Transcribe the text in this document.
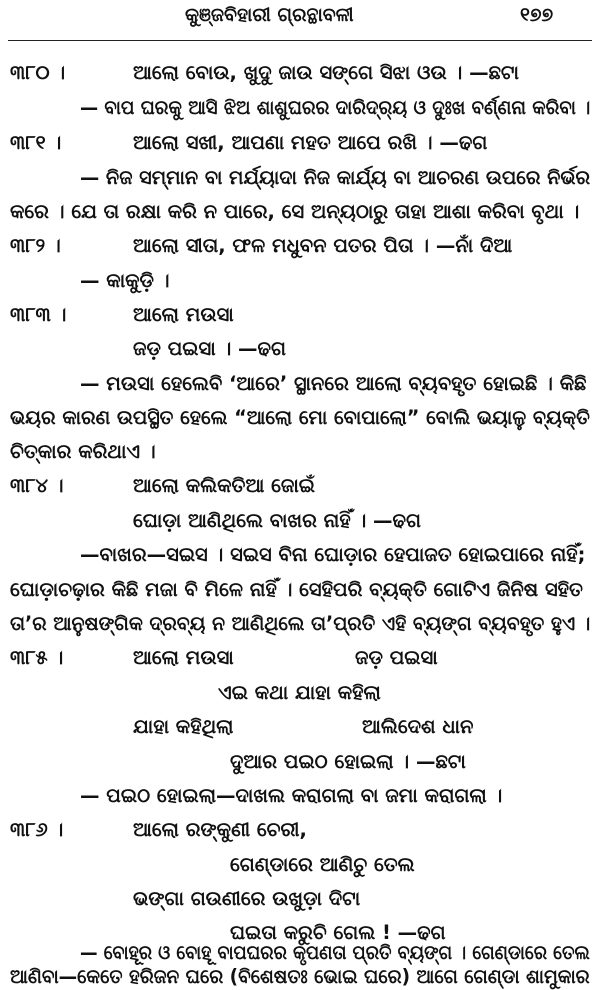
କୁଞ୍ଜବିହାରୀ ଗ୍ରନ୍ଥାବଳୀ	୧୭୭
୩୮୦ ।	ଆଲୋ ବୋଉ, ଖୁଦୁ ଜାଉ ସଙ୍ଗେ ସିଝା ଓଉ । —ଛଟା
— ବାପ ଘରକୁ ଆସି ଝିଅ ଶାଶୁଘରର ଦାରିଦ୍ର୍ୟ ଓ ଦୁଃଖ ବର୍ଣ୍ଣନା କରିବା ।
୩୮୧ ।	ଆଲୋ ସଖୀ, ଆପଣା ମହତ ଆପେ ରଖି । —ଢଗ
— ନିଜ ସମ୍ମାନ ବା ମର୍ଯ୍ୟାଦା ନିଜ କାର୍ଯ୍ୟ ବା ଆଚରଣ ଉପରେ ନିର୍ଭର
କରେ । ଯେ ତା ରକ୍ଷା କରି ନ ପାରେ, ସେ ଅନ୍ୟଠାରୁ ତାହା ଆଶା କରିବା ବୃଥା ।
୩୮୨ ।	ଆଲୋ ସୀତା, ଫଳ ମଧୁବନ ପତର ପିତା । —ନାଁ ଦିଆ
— କାକୁଡ଼ି ।
୩୮୩ ।	ଆଲୋ ମଉସା
ଜଡ଼ ପଇସା । —ଢଗ
— ମଉସା ହେଲେବି ‘ଆରେ’ ସ୍ଥାନରେ ଆଲୋ ବ୍ୟବହୃତ ହୋଇଛି । କିଛି
ଭୟର କାରଣ ଉପସ୍ଥିତ ହେଲେ “ଆଲୋ ମୋ ବୋପାଲୋ” ବୋଲି ଭୟାଳୁ ବ୍ୟକ୍ତି
ଚିତ୍କାର କରିଥାଏ ।
୩୮୪ ।	ଆଲୋ କଲିକତିଆ ଜୋଇଁ
ଘୋଡ଼ା ଆଣିଥିଲେ ବାଖର ନାହିଁ । —ଢଗ
—ବାଖର—ସଇସ । ସଇସ ବିନା ଘୋଡ଼ାର ହେପାଜତ ହୋଇପାରେ ନାହିଁ;
ଘୋଡ଼ାଚଢ଼ାର କିଛି ମଜା ବି ମିଳେ ନାହିଁ । ସେହିପରି ବ୍ୟକ୍ତି ଗୋଟିଏ ଜିନିଷ ସହିତ
ତା’ର ଆନୁଷଙ୍ଗିକ ଦ୍ରବ୍ୟ ନ ଆଣିଥିଲେ ତା’ପ୍ରତି ଏହି ବ୍ୟଙ୍ଗ ବ୍ୟବହୃତ ହୁଏ ।
୩୮୫ ।	ଆଲୋ ମଉସା	ଜଡ଼ ପଇସା
ଏଇ କଥା ଯାହା କହିଲା
ଯାହା କହିଥିଲା	ଆଲିଦେଶ ଧାନ
ଦୁଆର ପଇଠ ହୋଇଲା । —ଛଟା
— ପଇଠ ହୋଇଲା—ଦାଖଲ କରାଗଲା ବା ଜମା କରାଗଲା ।
୩୮୬ ।	ଆଲୋ ରଙ୍କୁଣୀ ଚେରୀ,
ଗେଣ୍ଡାରେ ଆଣିଚୁ ତେଲ
ଭଙ୍ଗା ଗଉଣୀରେ ଉଖୁଡ଼ା ଦିଟା
ଘଇତା କରୁଚି ଗେଲ ! —ଢଗ
— ବୋହୂର ଓ ବୋହୂ ବାପଘରର କୃପଣତା ପ୍ରତି ବ୍ୟଙ୍ଗ । ଗେଣ୍ଡାରେ ତେଲ
ଆଣିବା—କେତେ ହରିଜନ ଘରେ (ବିଶେଷତଃ ଭୋଇ ଘରେ) ଆଗେ ଗେଣ୍ଡା ଶାମୁକାର
